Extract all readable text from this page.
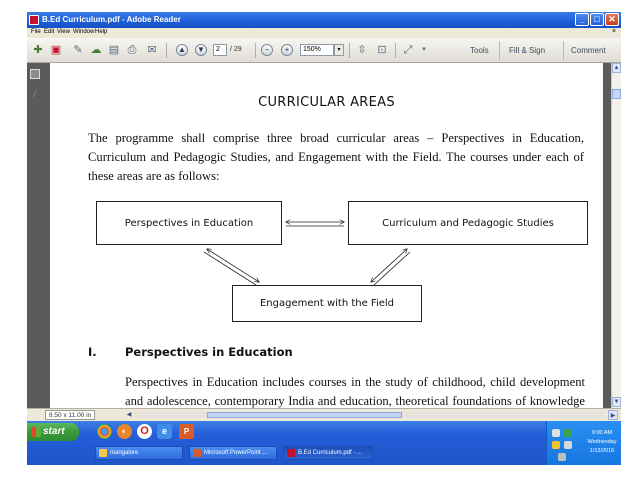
B.Ed Curriculum.pdf - Adobe Reader	_	□ ✕
File Edit View Window Help	×
✚ ▣ ✎ ☁ ▤ ⎙ ✉	▲ ▼	2	/ 29	−	+	150%	▾	⇳ ⊡ ⤢	▾	Tools	Fill & Sign	Comment
∕
CURRICULAR AREAS
The programme shall comprise three broad curricular areas – Perspectives in Education, Curriculum and Pedagogic Studies, and Engagement with the Field. The courses under each of these areas are as follows:
Perspectives in Education	Curriculum and Pedagogic Studies
Engagement with the Field
I. Perspectives in Education
Perspectives in Education includes courses in the study of childhood, child development and adolescence, contemporary India and education, theoretical foundations of knowledge
▲
▼
8.50 x 11.00 in	◀	▶
start	◐	O	e	P
mangalore	Microsoft PowerPoint ...	B.Ed Curriculum.pdf - ...
9:00 AM
Wednesday
1/13/2016
